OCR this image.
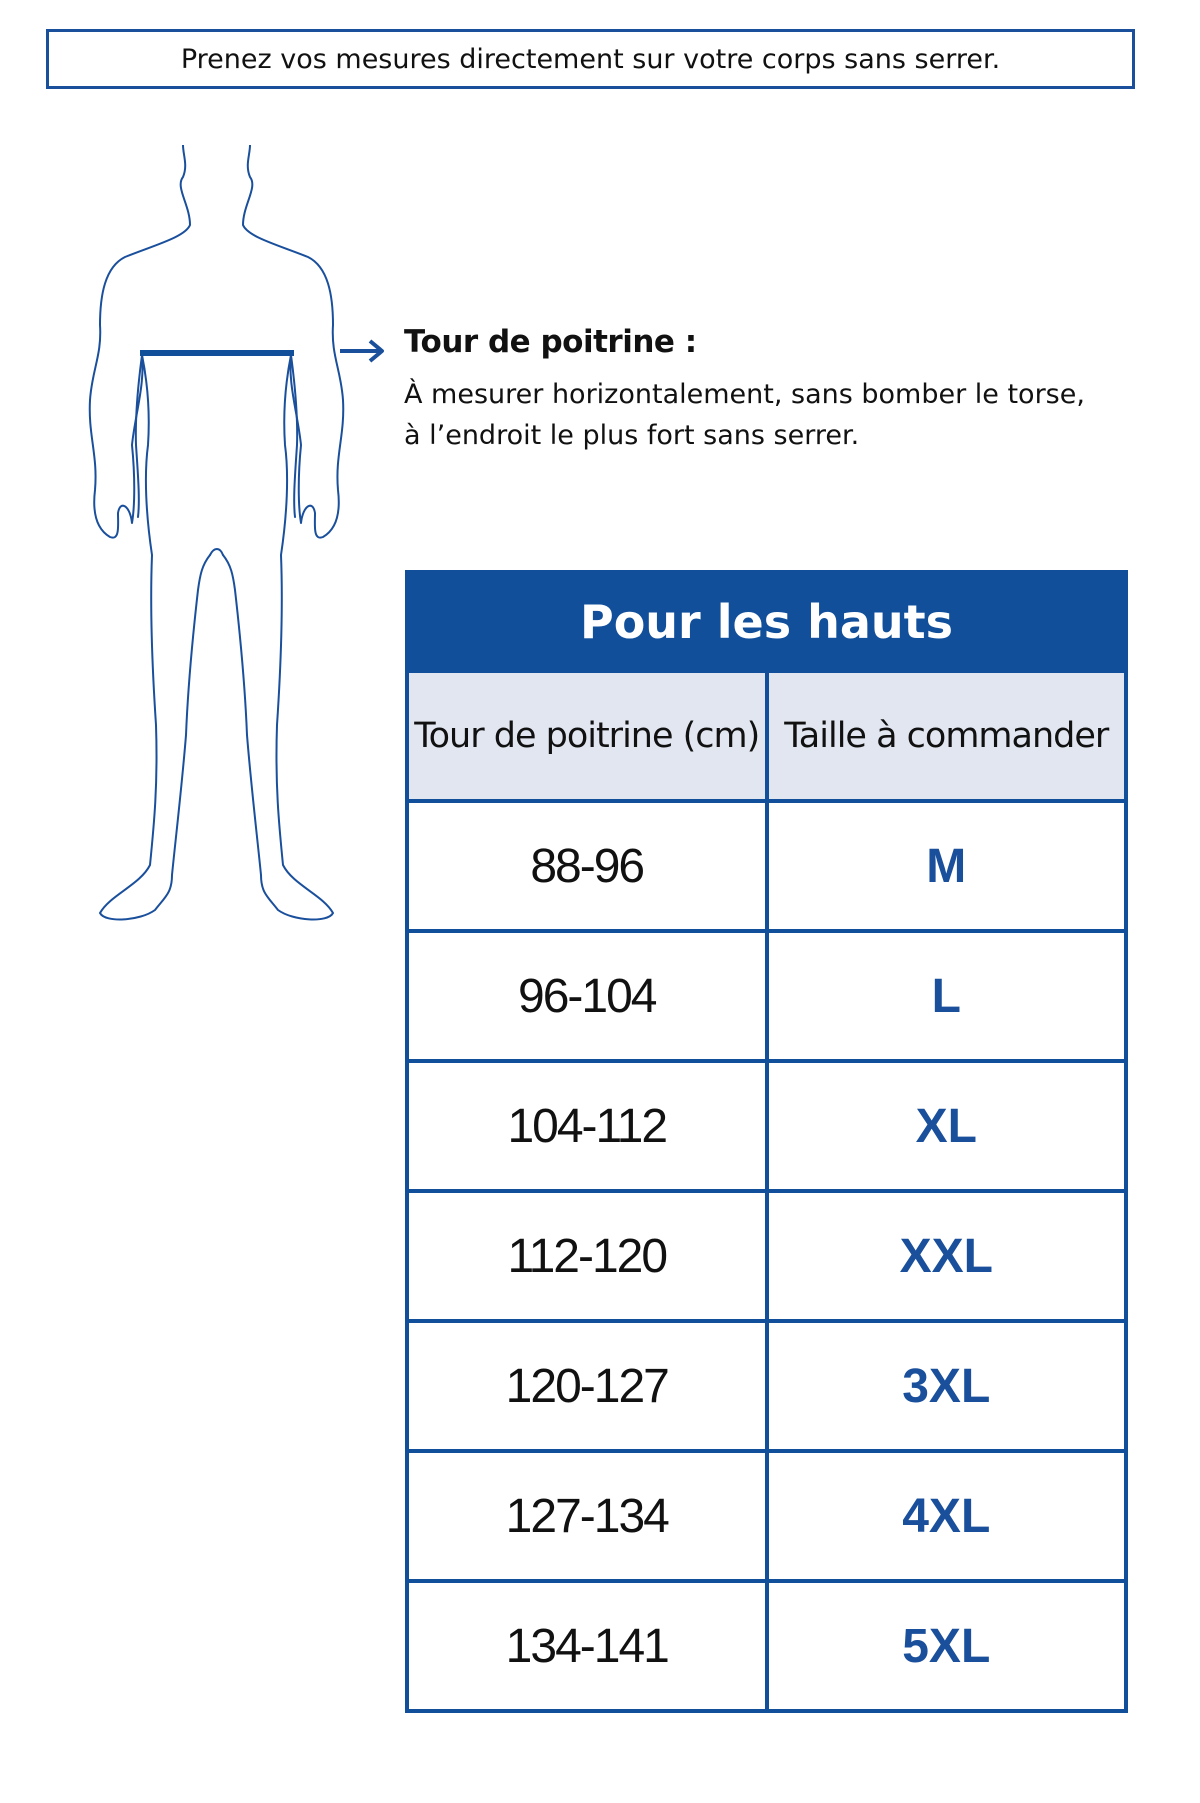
Prenez vos mesures directement sur votre corps sans serrer.
Tour de poitrine :
À mesurer horizontalement, sans bomber le torse,
à l’endroit le plus fort sans serrer.
Pour les hauts	
Tour de poitrine (cm)	Taille à commander
88-96	M
96-104	L
104-112	XL
112-120	XXL
120-127	3XL
127-134	4XL
134-141	5XL
